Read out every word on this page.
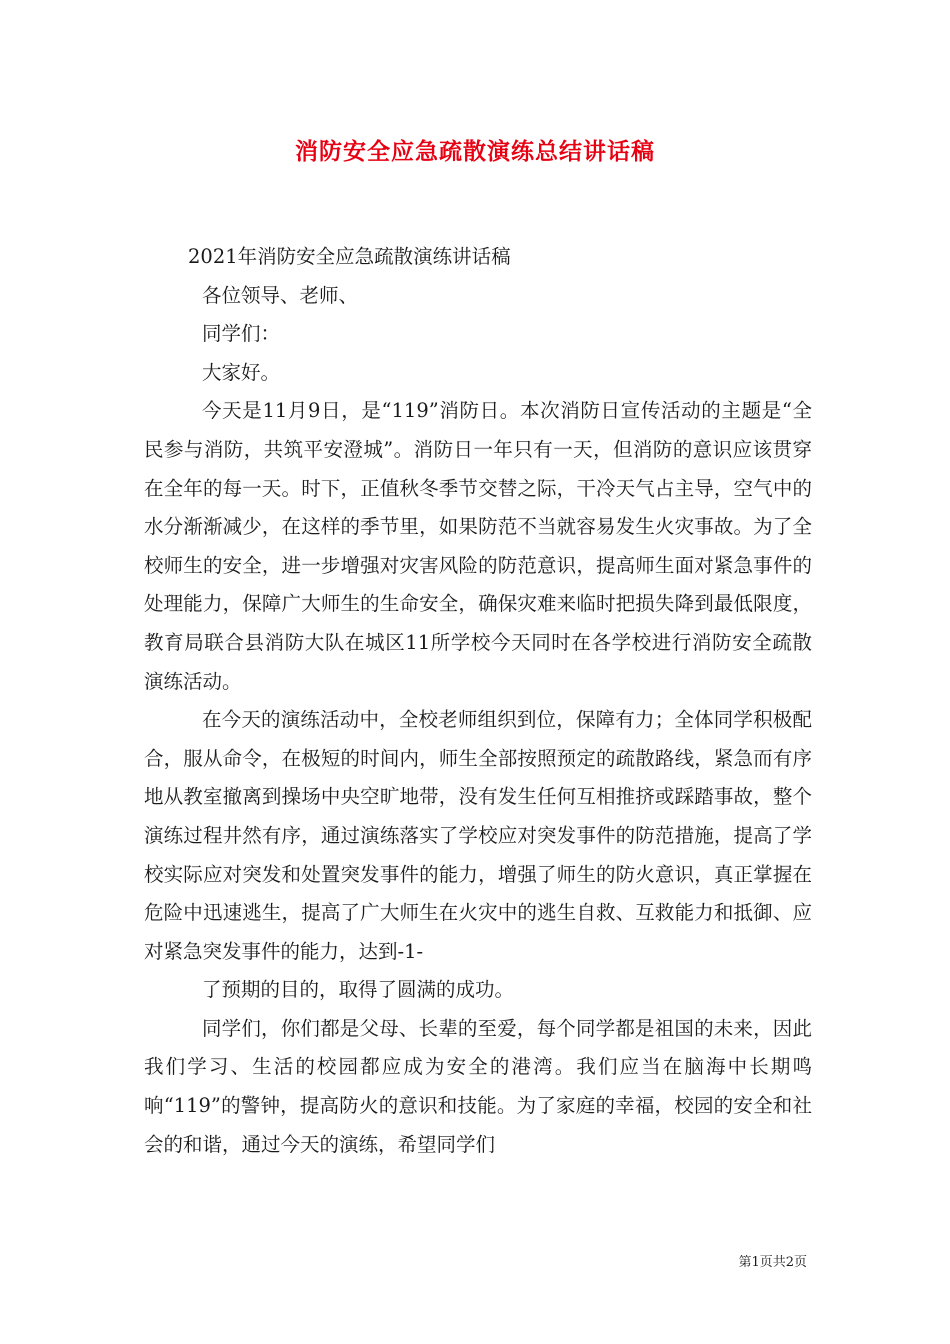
消防安全应急疏散演练总结讲话稿

2021年消防安全应急疏散演练讲话稿

各位领导、老师、

同学们：

大家好。

今天是11月9日，是“119”消防日。本次消防日宣传活动的主题是“全民参与消防，共筑平安澄城”。消防日一年只有一天，但消防的意识应该贯穿在全年的每一天。时下，正值秋冬季节交替之际，干冷天气占主导，空气中的水分渐渐减少，在这样的季节里，如果防范不当就容易发生火灾事故。为了全校师生的安全，进一步增强对灾害风险的防范意识，提高师生面对紧急事件的处理能力，保障广大师生的生命安全，确保灾难来临时把损失降到最低限度，教育局联合县消防大队在城区11所学校今天同时在各学校进行消防安全疏散演练活动。

在今天的演练活动中，全校老师组织到位，保障有力；全体同学积极配合，服从命令，在极短的时间内，师生全部按照预定的疏散路线，紧急而有序地从教室撤离到操场中央空旷地带，没有发生任何互相推挤或踩踏事故，整个演练过程井然有序，通过演练落实了学校应对突发事件的防范措施，提高了学校实际应对突发和处置突发事件的能力，增强了师生的防火意识，真正掌握在危险中迅速逃生，提高了广大师生在火灾中的逃生自救、互救能力和抵御、应对紧急突发事件的能力，达到-1-

了预期的目的，取得了圆满的成功。

同学们，你们都是父母、长辈的至爱，每个同学都是祖国的未来，因此我们学习、生活的校园都应成为安全的港湾。我们应当在脑海中长期鸣响“119”的警钟，提高防火的意识和技能。为了家庭的幸福，校园的安全和社会的和谐，通过今天的演练，希望同学们

第1页共2页
